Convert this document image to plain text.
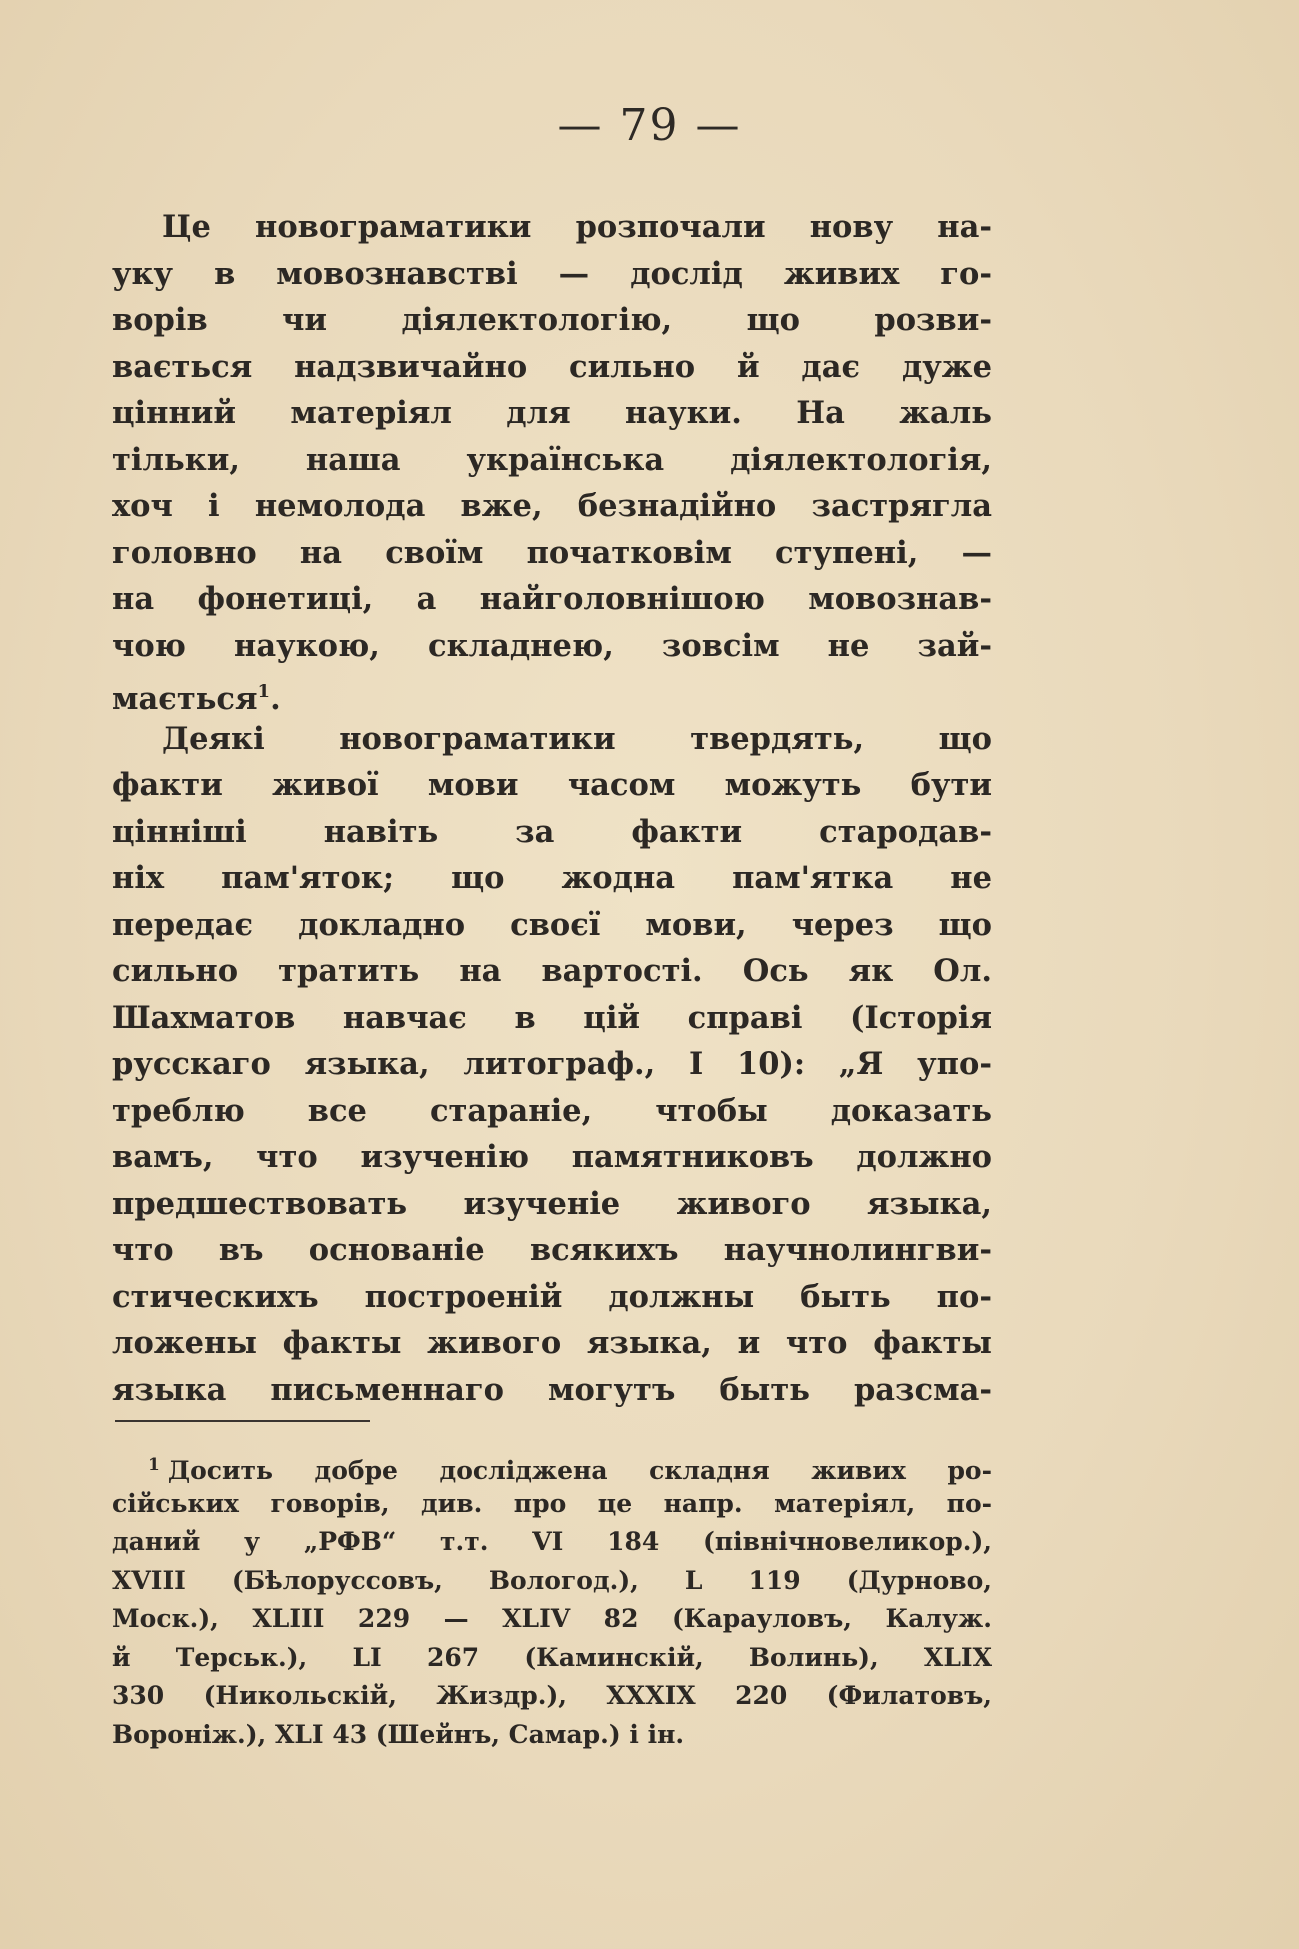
— 79 —
Це новограматики розпочали нову на-
уку в мовознавстві — дослід живих го-
ворів чи діялектологію, що розви-
вається надзвичайно сильно й дає дуже
цінний матеріял для науки. На жаль
тільки, наша українська діялектологія,
хоч і немолода вже, безнадійно застрягла
головно на своїм початковім ступені, —
на фонетиці, а найголовнішою мовознав-
чою наукою, складнею, зовсім не зай-
мається$^1$.
Деякі новограматики твердять, що
факти живої мови часом можуть бути
цінніші навіть за факти стародав-
ніх пам'яток; що жодна пам'ятка не
передає докладно своєї мови, через що
сильно тратить на вартості. Ось як Ол.
Шахматов навчає в цій справі (Історія
русскаго языка, литограф., I 10): „Я упо-
треблю все стараніе, чтобы доказать
вамъ, что изученію памятниковъ должно
предшествовать изученіе живого языка,
что въ основаніе всякихъ научнолингви-
стическихъ построеній должны быть по-
ложены факты живого языка, и что факты
языка письменнаго могутъ быть разсма-
$^1$ Досить добре досліджена складня живих ро-
сійських говорів, див. про це напр. матеріял, по-
даний у „РФВ“ т.т. VI 184 (північновеликор.),
XVIII (Бѣлоруссовъ, Вологод.), L 119 (Дурново,
Моск.), XLIII 229 — XLIV 82 (Карауловъ, Калуж.
й Терськ.), LI 267 (Каминскій, Волинь), XLIX
330 (Никольскій, Жиздр.), XXXIX 220 (Филатовъ,
Воронiж.), XLI 43 (Шейнъ, Самар.) і ін.
